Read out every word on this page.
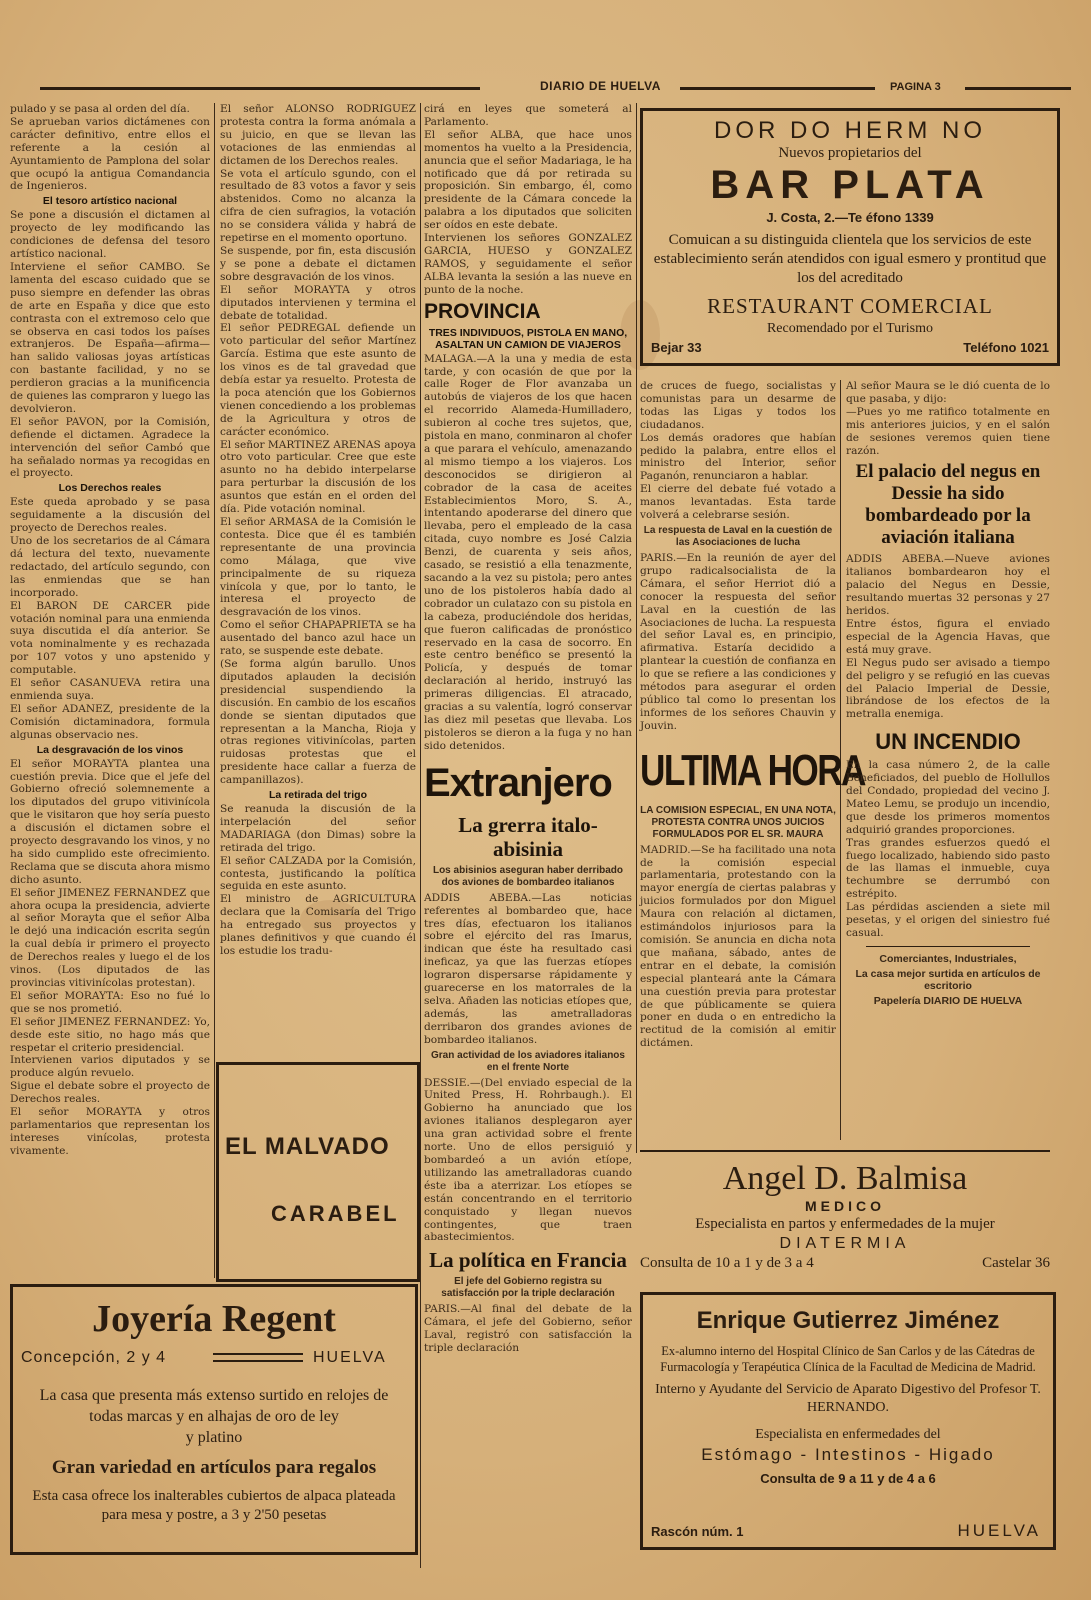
DIARIO DE HUELVA	PAGINA 3

pulado y se pasa al orden del día.

Se aprueban varios dictámenes con carácter definitivo, entre ellos el referente a la cesión al Ayuntamiento de Pamplona del solar que ocupó la antigua Comandancia de Ingenieros.

El tesoro artístico nacional

Se pone a discusión el dictamen al proyecto de ley modificando las condiciones de defensa del tesoro artístico nacional.

Interviene el señor CAMBO. Se lamenta del escaso cuidado que se puso siempre en defender las obras de arte en España y dice que esto contrasta con el extremoso celo que se observa en casi todos los países extranjeros. De España—afirma—han salido valiosas joyas artísticas con bastante facilidad, y no se perdieron gracias a la munificencia de quienes las compraron y luego las devolvieron.

El señor PAVON, por la Comisión, defiende el dictamen. Agradece la intervención del señor Cambó que ha señalado normas ya recogidas en el proyecto.

Los Derechos reales

Este queda aprobado y se pasa seguidamente a la discusión del proyecto de Derechos reales.

Uno de los secretarios de al Cámara dá lectura del texto, nuevamente redactado, del artículo segundo, con las enmiendas que se han incorporado.

El BARON DE CARCER pide votación nominal para una enmienda suya discutida el día anterior. Se vota nominalmente y es rechazada por 107 votos y uno apstenido y computable.

El señor CASANUEVA retira una enmienda suya.

El señor ADANEZ, presidente de la Comisión dictaminadora, formula algunas observacio nes.

La desgravación de los vinos

El señor MORAYTA plantea una cuestión previa. Dice que el jefe del Gobierno ofreció solemnemente a los diputados del grupo vitivinícola que le visitaron que hoy sería puesto a discusión el dictamen sobre el proyecto desgravando los vinos, y no ha sido cumplido este ofrecimiento. Reclama que se discuta ahora mismo dicho asunto.

El señor JIMENEZ FERNANDEZ que ahora ocupa la presidencia, advierte al señor Morayta que el señor Alba le dejó una indicación escrita según la cual debía ir primero el proyecto de Derechos reales y luego el de los vinos. (Los diputados de las provincias vitivinícolas protestan).

El señor MORAYTA: Eso no fué lo que se nos prometió.

El señor JIMENEZ FERNANDEZ: Yo, desde este sitio, no hago más que respetar el criterio presidencial.

Intervienen varios diputados y se produce algún revuelo.

Sigue el debate sobre el proyecto de Derechos reales.

El señor MORAYTA y otros parlamentarios que representan los intereses vinícolas, protesta vivamente.

El señor ALONSO RODRIGUEZ protesta contra la forma anómala a su juicio, en que se llevan las votaciones de las enmiendas al dictamen de los Derechos reales.

Se vota el artículo sgundo, con el resultado de 83 votos a favor y seis abstenidos. Como no alcanza la cifra de cien sufragios, la votación no se considera válida y habrá de repetirse en el momento oportuno.

Se suspende, por fin, esta discusión y se pone a debate el dictamen sobre desgravación de los vinos.

El señor MORAYTA y otros diputados intervienen y termina el debate de totalidad.

El señor PEDREGAL defiende un voto particular del señor Martínez García. Estima que este asunto de los vinos es de tal gravedad que debía estar ya resuelto. Protesta de la poca atención que los Gobiernos vienen concediendo a los problemas de la Agricultura y otros de carácter económico.

El señor MARTINEZ ARENAS apoya otro voto particular. Cree que este asunto no ha debido interpelarse para perturbar la discusión de los asuntos que están en el orden del día. Pide votación nominal.

El señor ARMASA de la Comisión le contesta. Dice que él es también representante de una provincia como Málaga, que vive principalmente de su riqueza vinícola y que, por lo tanto, le interesa el proyecto de desgravación de los vinos.

Como el señor CHAPAPRIETA se ha ausentado del banco azul hace un rato, se suspende este debate.

(Se forma algún barullo. Unos diputados aplauden la decisión presidencial suspendiendo la discusión. En cambio de los escaños donde se sientan diputados que representan a la Mancha, Rioja y otras regiones vitivinícolas, parten ruidosas protestas que el presidente hace callar a fuerza de campanillazos).

La retirada del trigo

Se reanuda la discusión de la interpelación del señor MADARIAGA (don Dimas) sobre la retirada del trigo.

El señor CALZADA por la Comisión, contesta, justificando la política seguida en este asunto.

El ministro de AGRICULTURA declara que la Comisaría del Trigo ha entregado sus proyectos y planes definitivos y que cuando él los estudie los tradu-

EL MALVADO
CARABEL
Joyería Regent
Concepción, 2 y 4	HUELVA
La casa que presenta más extenso surtido en relojes de todas marcas y en alhajas de oro de ley
y platino
Gran variedad en artículos para regalos
Esta casa ofrece los inalterables cubiertos de alpaca plateada para mesa y postre, a 3 y 2'50 pesetas

cirá en leyes que someterá al Parlamento.

El señor ALBA, que hace unos momentos ha vuelto a la Presidencia, anuncia que el señor Madariaga, le ha notificado que dá por retirada su proposición. Sin embargo, él, como presidente de la Cámara concede la palabra a los diputados que soliciten ser oídos en este debate.

Intervienen los señores GONZALEZ GARCIA, HUESO y GONZALEZ RAMOS, y seguidamente el señor ALBA levanta la sesión a las nueve en punto de la noche.

PROVINCIA
TRES INDIVIDUOS, PISTOLA EN MANO, ASALTAN UN CAMION DE VIAJEROS

MALAGA.—A la una y media de esta tarde, y con ocasión de que por la calle Roger de Flor avanzaba un autobús de viajeros de los que hacen el recorrido Alameda-Humilladero, subieron al coche tres sujetos, que, pistola en mano, conminaron al chofer a que parara el vehículo, amenazando al mismo tiempo a los viajeros. Los desconocidos se dirigieron al cobrador de la casa de aceites Establecimientos Moro, S. A., intentando apoderarse del dinero que llevaba, pero el empleado de la casa citada, cuyo nombre es José Calzia Benzi, de cuarenta y seis años, casado, se resistió a ella tenazmente, sacando a la vez su pistola; pero antes uno de los pistoleros había dado al cobrador un culatazo con su pistola en la cabeza, produciéndole dos heridas, que fueron calificadas de pronóstico reservado en la casa de socorro. En este centro benéfico se presentó la Policía, y después de tomar declaración al herido, instruyó las primeras diligencias. El atracado, gracias a su valentía, logró conservar las diez mil pesetas que llevaba. Los pistoleros se dieron a la fuga y no han sido detenidos.

Extranjero
La grerra italo-abisinia
Los abisinios aseguran haber derribado dos aviones de bombardeo italianos

ADDIS ABEBA.—Las noticias referentes al bombardeo que, hace tres días, efectuaron los italianos sobre el ejército del ras Imarus, indican que éste ha resultado casi ineficaz, ya que las fuerzas etíopes lograron dispersarse rápidamente y guarecerse en los matorrales de la selva. Añaden las noticias etíopes que, además, las ametralladoras derribaron dos grandes aviones de bombardeo italianos.

Gran actividad de los aviadores italianos en el frente Norte

DESSIE.—(Del enviado especial de la United Press, H. Rohrbaugh.). El Gobierno ha anunciado que los aviones italianos desplegaron ayer una gran actividad sobre el frente norte. Uno de ellos persiguió y bombardeó a un avión etíope, utilizando las ametralladoras cuando éste iba a aterrizar. Los etíopes se están concentrando en el territorio conquistado y llegan nuevos contingentes, que traen abastecimientos.

La política en Francia
El jefe del Gobierno registra su satisfacción por la triple declaración

PARIS.—Al final del debate de la Cámara, el jefe del Gobierno, señor Laval, registró con satisfacción la triple declaración

DOR DO HERM NO
Nuevos propietarios del
BAR PLATA
J. Costa, 2.—Te éfono 1339
Comuican a su distinguida clientela que los servicios de este establecimiento serán atendidos con igual esmero y prontitud que los del acreditado
RESTAURANT COMERCIAL
Recomendado por el Turismo
Bejar 33	Teléfono 1021

de cruces de fuego, socialistas y comunistas para un desarme de todas las Ligas y todos los ciudadanos.

Los demás oradores que habían pedido la palabra, entre ellos el ministro del Interior, señor Paganón, renunciaron a hablar.

El cierre del debate fué votado a manos levantadas. Esta tarde volverá a celebrarse sesión.

La respuesta de Laval en la cuestión de las Asociaciones de lucha

PARIS.—En la reunión de ayer del grupo radicalsocialista de la Cámara, el señor Herriot dió a conocer la respuesta del señor Laval en la cuestión de las Asociaciones de lucha. La respuesta del señor Laval es, en principio, afirmativa. Estaría decidido a plantear la cuestión de confianza en lo que se refiere a las condiciones y métodos para asegurar el orden público tal como lo presentan los informes de los señores Chauvin y Jouvin.

ULTIMA HORA
LA COMISION ESPECIAL, EN UNA NOTA, PROTESTA CONTRA UNOS JUICIOS FORMULADOS POR EL SR. MAURA

MADRID.—Se ha facilitado una nota de la comisión especial parlamentaria, protestando con la mayor energía de ciertas palabras y juicios formulados por don Miguel Maura con relación al dictamen, estimándolos injuriosos para la comisión. Se anuncia en dicha nota que mañana, sábado, antes de entrar en el debate, la comisión especial planteará ante la Cámara una cuestión previa para protestar de que públicamente se quiera poner en duda o en entredicho la rectitud de la comisión al emitir dictámen.

Al señor Maura se le dió cuenta de lo que pasaba, y dijo:

—Pues yo me ratifico totalmente en mis anteriores juicios, y en el salón de sesiones veremos quien tiene razón.

El palacio del negus en Dessie ha sido bombardeado por la aviación italiana

ADDIS ABEBA.—Nueve aviones italianos bombardearon hoy el palacio del Negus en Dessie, resultando muertas 32 personas y 27 heridos.

Entre éstos, figura el enviado especial de la Agencia Havas, que está muy grave.

El Negus pudo ser avisado a tiempo del peligro y se refugió en las cuevas del Palacio Imperial de Dessie, librándose de los efectos de la metralla enemiga.

UN INCENDIO

En la casa número 2, de la calle Beneficiados, del pueblo de Hollullos del Condado, propiedad del vecino J. Mateo Lemu, se produjo un incendio, que desde los primeros momentos adquirió grandes proporciones.

Tras grandes esfuerzos quedó el fuego localizado, habiendo sido pasto de las llamas el inmueble, cuya techumbre se derrumbó con estrépito.

Las pérdidas ascienden a siete mil pesetas, y el origen del siniestro fué casual.

Comerciantes, Industriales,
La casa mejor surtida en artículos de escritorio
Papelería DIARIO DE HUELVA
Angel D. Balmisa
MEDICO
Especialista en partos y enfermedades de la mujer
DIATERMIA
Consulta de 10 a 1 y de 3 a 4	Castelar 36
Enrique Gutierrez Jiménez
Ex-alumno interno del Hospital Clínico de San Carlos y de las Cátedras de Furmacología y Terapéutica Clínica de la Facultad de Medicina de Madrid.
Interno y Ayudante del Servicio de Aparato Digestivo del Profesor T. HERNANDO.
Especialista en enfermedades del
Estómago - Intestinos - Higado
Consulta de 9 a 11 y de 4 a 6
Rascón núm. 1	HUELVA
